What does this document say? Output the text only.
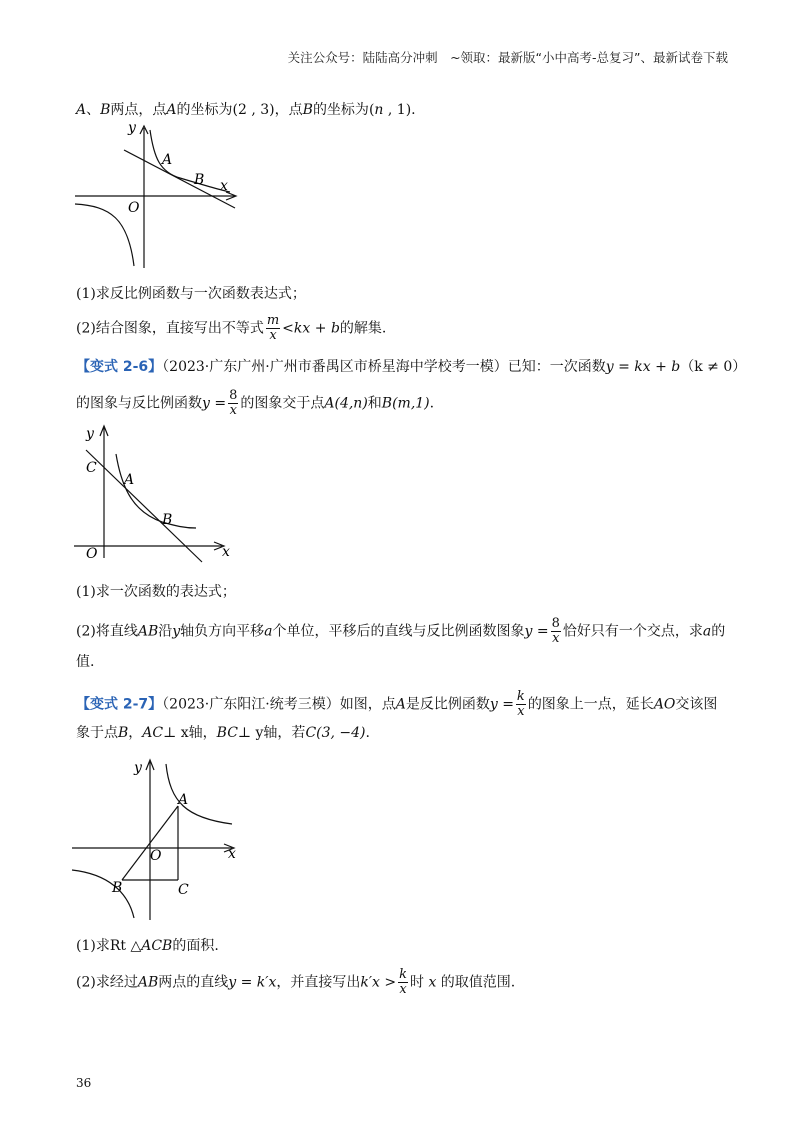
关注公众号：陆陆高分冲刺　~领取：最新版“小中高考-总复习”、最新试卷下载
A、B两点，点A的坐标为(2 , 3)，点B的坐标为(n , 1).
y
x
O
A
B
(1)求反比例函数与一次函数表达式；
(2)结合图象，直接写出不等式 $\frac{m}{x} <kx + b$的解集.
【变式 2-6】（2023·广东广州·广州市番禺区市桥星海中学校考一模）已知：一次函数y = kx + b（k ≠ 0）
的图象与反比例函数$y = \frac{8}{x}$ 的图象交于点A(4,n)和B(m,1).
y
x
O
C
A
B
(1)求一次函数的表达式；
(2)将直线AB沿y轴负方向平移a个单位，平移后的直线与反比例函数图象$y = \frac{8}{x}$ 恰好只有一个交点，求a的
值.
【变式 2-7】（2023·广东阳江·统考三模）如图，点A是反比例函数$y = \frac{k}{x}$ 的图象上一点，延长AO交该图
象于点B，AC⊥ x轴，BC⊥ y轴，若C(3, −4).
y
x
O
A
B	C
(1)求Rt △ACB的面积.
(2)求经过AB两点的直线y = k′x，并直接写出$k'x > \frac{k}{x}$ 时 x 的取值范围.
36
